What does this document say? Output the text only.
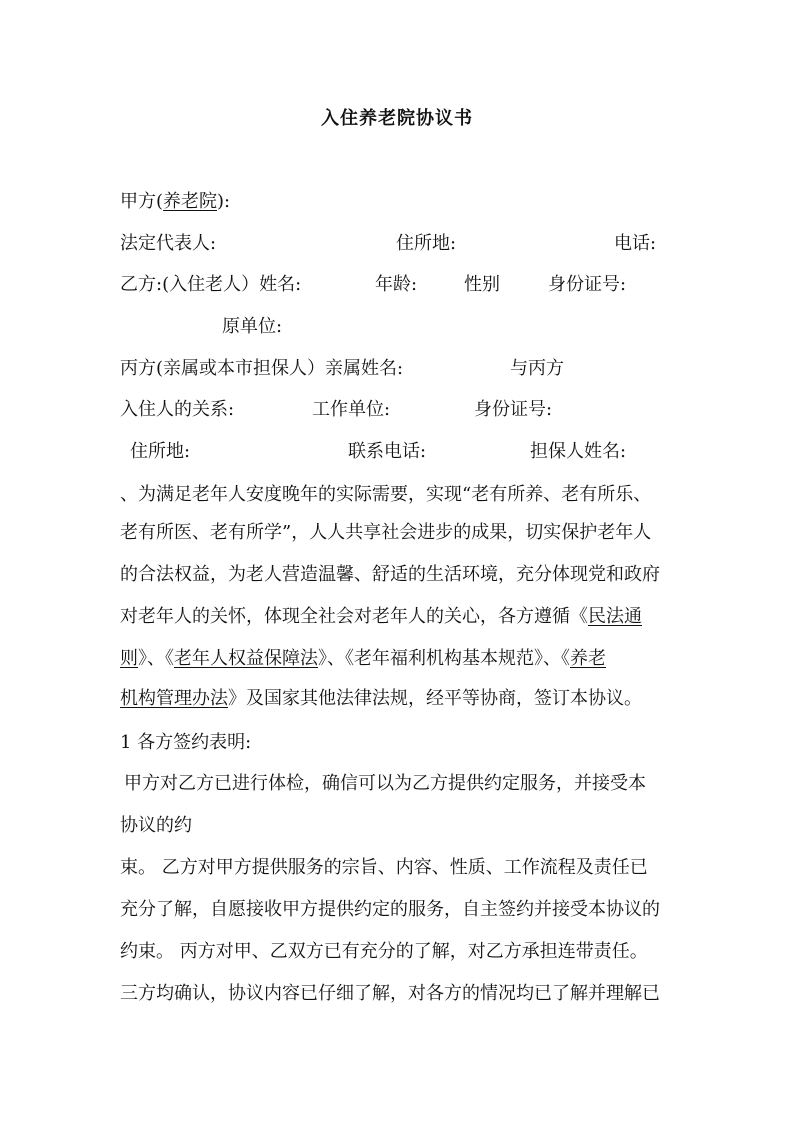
入住养老院协议书
甲方(养老院):
法定代表人:	住所地:	电话:
乙方:(入住老人）姓名:	年龄:	性别	身份证号:
原单位:
丙方(亲属或本市担保人）亲属姓名:	与丙方
入住人的关系:	工作单位:	身份证号:
住所地:	联系电话:	担保人姓名:
、为满足老年人安度晚年的实际需要，实现“老有所养、老有所乐、
老有所医、老有所学”，人人共享社会进步的成果，切实保护老年人
的合法权益，为老人营造温馨、舒适的生活环境，充分体现党和政府
对老年人的关怀，体现全社会对老年人的关心，各方遵循《民法通
则》、《老年人权益保障法》、《老年福利机构基本规范》、《养老
机构管理办法》及国家其他法律法规，经平等协商，签订本协议。
1 各方签约表明:
甲方对乙方已进行体检，确信可以为乙方提供约定服务，并接受本
协议的约
束。 乙方对甲方提供服务的宗旨、内容、性质、工作流程及责任已
充分了解，自愿接收甲方提供约定的服务，自主签约并接受本协议的
约束。 丙方对甲、乙双方已有充分的了解，对乙方承担连带责任。
三方均确认，协议内容已仔细了解，对各方的情况均已了解并理解已
